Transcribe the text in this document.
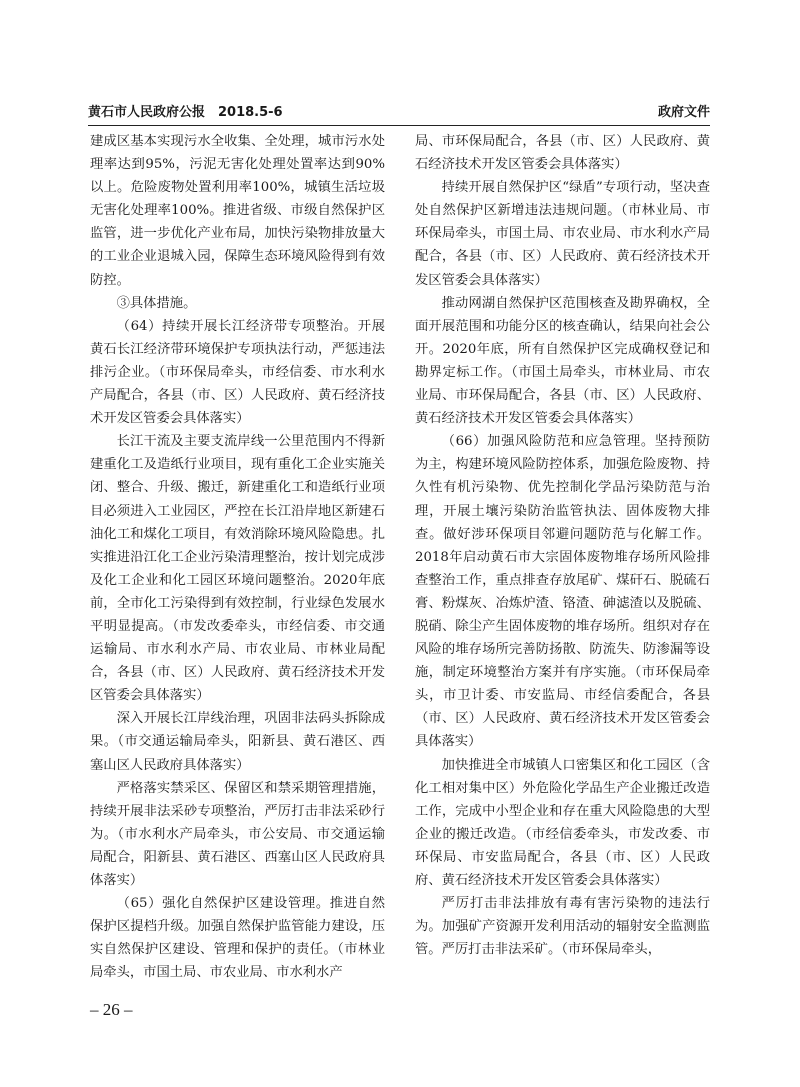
黄石市人民政府公报　2018.5-6	政府文件

建成区基本实现污水全收集、全处理，城市污水处理率达到95%，污泥无害化处理处置率达到90%以上。危险废物处置利用率100%，城镇生活垃圾无害化处理率100%。推进省级、市级自然保护区监管，进一步优化产业布局，加快污染物排放量大的工业企业退城入园，保障生态环境风险得到有效防控。

③具体措施。

（64）持续开展长江经济带专项整治。开展黄石长江经济带环境保护专项执法行动，严惩违法排污企业。（市环保局牵头，市经信委、市水利水产局配合，各县（市、区）人民政府、黄石经济技术开发区管委会具体落实）

长江干流及主要支流岸线一公里范围内不得新建重化工及造纸行业项目，现有重化工企业实施关闭、整合、升级、搬迁，新建重化工和造纸行业项目必须进入工业园区，严控在长江沿岸地区新建石油化工和煤化工项目，有效消除环境风险隐患。扎实推进沿江化工企业污染清理整治，按计划完成涉及化工企业和化工园区环境问题整治。2020年底前，全市化工污染得到有效控制，行业绿色发展水平明显提高。（市发改委牵头，市经信委、市交通运输局、市水利水产局、市农业局、市林业局配合，各县（市、区）人民政府、黄石经济技术开发区管委会具体落实）

深入开展长江岸线治理，巩固非法码头拆除成果。（市交通运输局牵头，阳新县、黄石港区、西塞山区人民政府具体落实）

严格落实禁采区、保留区和禁采期管理措施，持续开展非法采砂专项整治，严厉打击非法采砂行为。（市水利水产局牵头，市公安局、市交通运输局配合，阳新县、黄石港区、西塞山区人民政府具体落实）

（65）强化自然保护区建设管理。推进自然保护区提档升级。加强自然保护监管能力建设，压实自然保护区建设、管理和保护的责任。（市林业局牵头，市国土局、市农业局、市水利水产

局、市环保局配合，各县（市、区）人民政府、黄石经济技术开发区管委会具体落实）

持续开展自然保护区“绿盾”专项行动，坚决查处自然保护区新增违法违规问题。（市林业局、市环保局牵头，市国土局、市农业局、市水利水产局配合，各县（市、区）人民政府、黄石经济技术开发区管委会具体落实）

推动网湖自然保护区范围核查及勘界确权，全面开展范围和功能分区的核查确认，结果向社会公开。2020年底，所有自然保护区完成确权登记和勘界定标工作。（市国土局牵头，市林业局、市农业局、市环保局配合，各县（市、区）人民政府、黄石经济技术开发区管委会具体落实）

（66）加强风险防范和应急管理。坚持预防为主，构建环境风险防控体系，加强危险废物、持久性有机污染物、优先控制化学品污染防范与治理，开展土壤污染防治监管执法、固体废物大排查。做好涉环保项目邻避问题防范与化解工作。2018年启动黄石市大宗固体废物堆存场所风险排查整治工作，重点排查存放尾矿、煤矸石、脱硫石膏、粉煤灰、冶炼炉渣、铬渣、砷滤渣以及脱硫、脱硝、除尘产生固体废物的堆存场所。组织对存在风险的堆存场所完善防扬散、防流失、防渗漏等设施，制定环境整治方案并有序实施。（市环保局牵头，市卫计委、市安监局、市经信委配合，各县（市、区）人民政府、黄石经济技术开发区管委会具体落实）

加快推进全市城镇人口密集区和化工园区（含化工相对集中区）外危险化学品生产企业搬迁改造工作，完成中小型企业和存在重大风险隐患的大型企业的搬迁改造。（市经信委牵头，市发改委、市环保局、市安监局配合，各县（市、区）人民政府、黄石经济技术开发区管委会具体落实）

严厉打击非法排放有毒有害污染物的违法行为。加强矿产资源开发利用活动的辐射安全监测监管。严厉打击非法采矿。（市环保局牵头，

– 26 –
